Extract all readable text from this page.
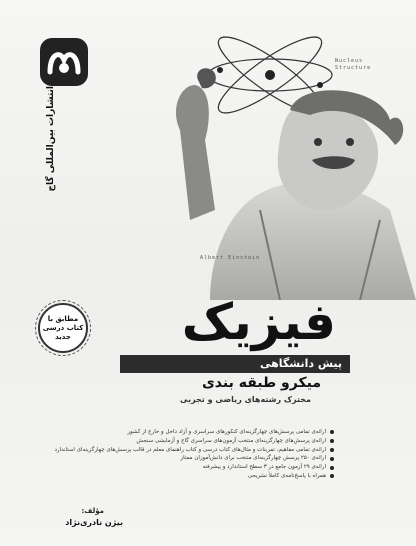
انتشارات بین‌المللی گاج
Nucleus
Structure
Albert Einstein
مطابق با کتاب درسی جدید	فیزیک
پیش دانشگاهی
میکرو طبقه بندی
مخترک رشته‌های ریاضی و تجربی
ارائه‌ی تمامی پرسش‌های چهارگزینه‌ای کنکورهای سراسری و آزاد داخل و خارج از کشور
ارائه‌ی پرسش‌های چهارگزینه‌ای منتخب آزمون‌های سراسری گاج و آزمایشی سنجش
ارائه‌ی تمامی مفاهیم، تمرینات و مثال‌های کتاب درسی و کتاب راهنمای معلم در قالب پرسش‌های چهارگزینه‌ای استاندارد
ارائه‌ی ۲۵۰ پرسش چهارگزینه‌ای منتخب برای دانش‌آموزان ممتاز
ارائه‌ی ۲۹ آزمون جامع در ۳ سطح استاندارد و پیشرفته
همراه با پاسخ‌نامه‌ی کاملاً تشریحی
مؤلف:
بیژن نادری‌نژاد
